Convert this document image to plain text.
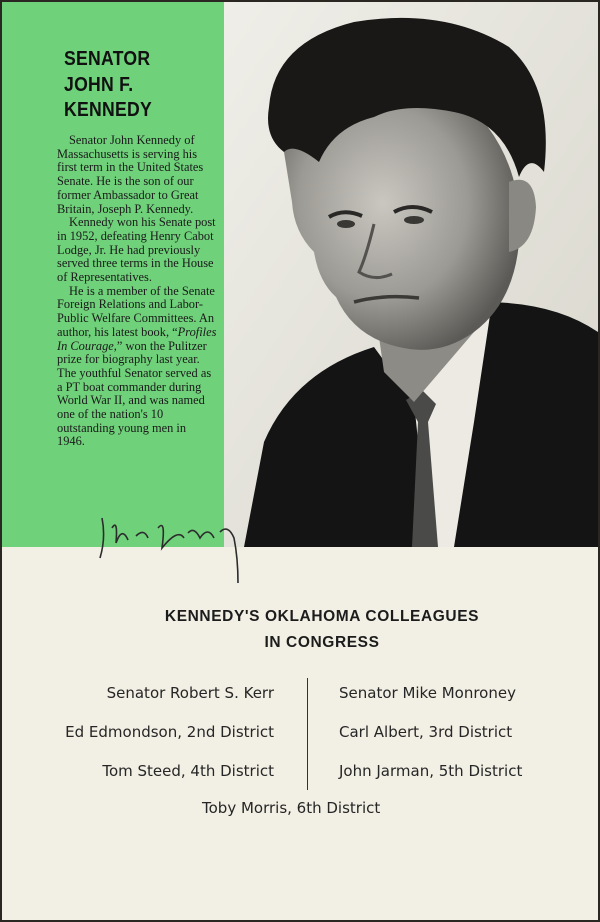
SENATOR
JOHN F.
KENNEDY

Senator John Kennedy of Massachusetts is serving his first term in the United States Senate. He is the son of our former Ambassador to Great Britain, Joseph P. Kennedy.

Kennedy won his Senate post in 1952, defeating Henry Cabot Lodge, Jr. He had previously served three terms in the House of Representatives.

He is a member of the Senate Foreign Relations and Labor-Public Welfare Committees. An author, his latest book, “Profiles In Courage,” won the Pulitzer prize for biography last year. The youthful Senator served as a PT boat commander during World War II, and was named one of the nation's 10 outstanding young men in 1946.

KENNEDY'S OKLAHOMA COLLEAGUES
IN CONGRESS
Senator Robert S. Kerr
Ed Edmondson, 2nd District
Tom Steed, 4th District
Senator Mike Monroney
Carl Albert, 3rd District
John Jarman, 5th District
Toby Morris, 6th District
